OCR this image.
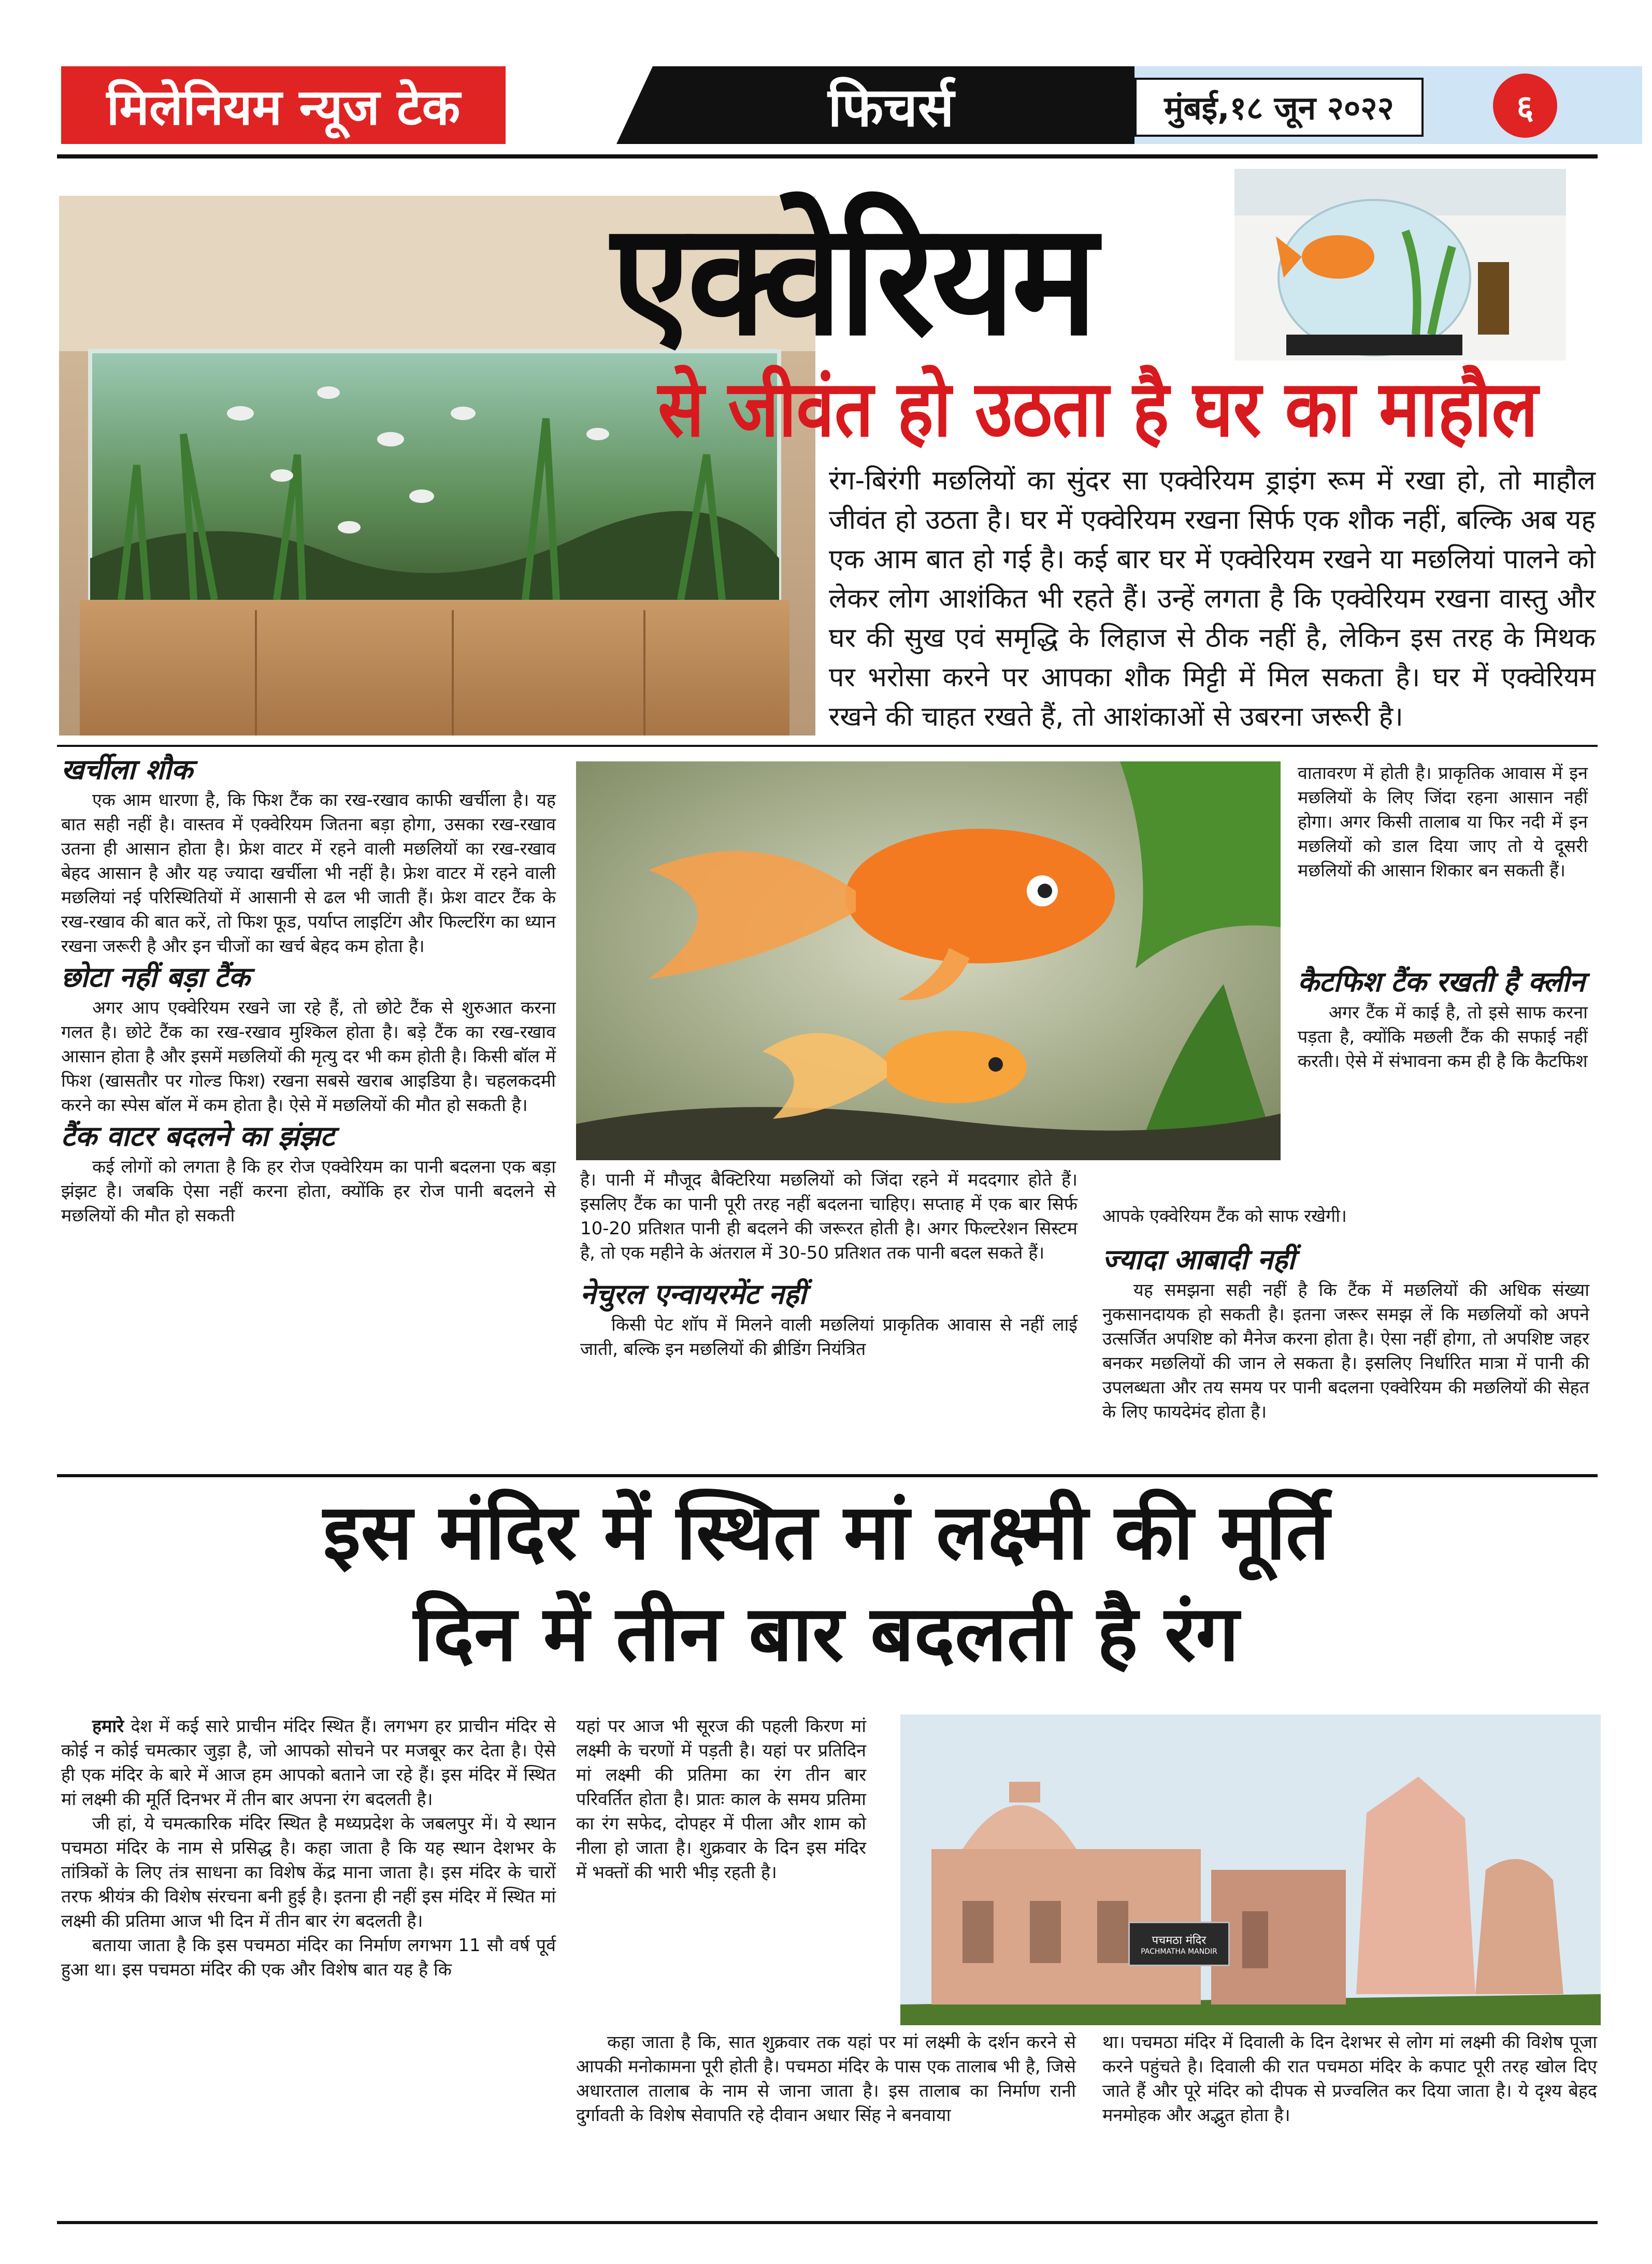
मिलेनियम न्यूज टेक	फिचर्स	मुंबई,१८ जून २०२२	६
एक्वेरियम
से जीवंत हो उठता है घर का माहौल
रंग-बिरंगी मछलियों का सुंदर सा एक्वेरियम ड्राइंग रूम में रखा हो, तो माहौल जीवंत हो उठता है। घर में एक्वेरियम रखना सिर्फ एक शौक नहीं, बल्कि अब यह एक आम बात हो गई है। कई बार घर में एक्वेरियम रखने या मछलियां पालने को लेकर लोग आशंकित भी रहते हैं। उन्हें लगता है कि एक्वेरियम रखना वास्तु और घर की सुख एवं समृद्धि के लिहाज से ठीक नहीं है, लेकिन इस तरह के मिथक पर भरोसा करने पर आपका शौक मिट्टी में मिल सकता है। घर में एक्वेरियम रखने की चाहत रखते हैं, तो आशंकाओं से उबरना जरूरी है।
खर्चीला शौक

एक आम धारणा है, कि फिश टैंक का रख-रखाव काफी खर्चीला है। यह बात सही नहीं है। वास्तव में एक्वेरियम जितना बड़ा होगा, उसका रख-रखाव उतना ही आसान होता है। फ्रेश वाटर में रहने वाली मछलियों का रख-रखाव बेहद आसान है और यह ज्यादा खर्चीला भी नहीं है। फ्रेश वाटर में रहने वाली मछलियां नई परिस्थितियों में आसानी से ढल भी जाती हैं। फ्रेश वाटर टैंक के रख-रखाव की बात करें, तो फिश फूड, पर्याप्त लाइटिंग और फिल्टरिंग का ध्यान रखना जरूरी है और इन चीजों का खर्च बेहद कम होता है।

छोटा नहीं बड़ा टैंक

अगर आप एक्वेरियम रखने जा रहे हैं, तो छोटे टैंक से शुरुआत करना गलत है। छोटे टैंक का रख-रखाव मुश्किल होता है। बड़े टैंक का रख-रखाव आसान होता है और इसमें मछलियों की मृत्यु दर भी कम होती है। किसी बॉल में फिश (खासतौर पर गोल्ड फिश) रखना सबसे खराब आइडिया है। चहलकदमी करने का स्पेस बॉल में कम होता है। ऐसे में मछलियों की मौत हो सकती है।

टैंक वाटर बदलने का झंझट

कई लोगों को लगता है कि हर रोज एक्वेरियम का पानी बदलना एक बड़ा झंझट है। जबकि ऐसा नहीं करना होता, क्योंकि हर रोज पानी बदलने से मछलियों की मौत हो सकती

है। पानी में मौजूद बैक्टिरिया मछलियों को जिंदा रहने में मददगार होते हैं। इसलिए टैंक का पानी पूरी तरह नहीं बदलना चाहिए। सप्ताह में एक बार सिर्फ 10-20 प्रतिशत पानी ही बदलने की जरूरत होती है। अगर फिल्टरेशन सिस्टम है, तो एक महीने के अंतराल में 30-50 प्रतिशत तक पानी बदल सकते हैं।

नेचुरल एन्वायरमेंट नहीं

किसी पेट शॉप में मिलने वाली मछलियां प्राकृतिक आवास से नहीं लाई जाती, बल्कि इन मछलियों की ब्रीडिंग नियंत्रित

वातावरण में होती है। प्राकृतिक आवास में इन मछलियों के लिए जिंदा रहना आसान नहीं होगा। अगर किसी तालाब या फिर नदी में इन मछलियों को डाल दिया जाए तो ये दूसरी मछलियों की आसान शिकार बन सकती हैं।

कैटफिश टैंक रखती है क्लीन

अगर टैंक में काई है, तो इसे साफ करना पड़ता है, क्योंकि मछली टैंक की सफाई नहीं करती। ऐसे में संभावना कम ही है कि कैटफिश

आपके एक्वेरियम टैंक को साफ रखेगी।

ज्यादा आबादी नहीं

यह समझना सही नहीं है कि टैंक में मछलियों की अधिक संख्या नुकसानदायक हो सकती है। इतना जरूर समझ लें कि मछलियों को अपने उत्सर्जित अपशिष्ट को मैनेज करना होता है। ऐसा नहीं होगा, तो अपशिष्ट जहर बनकर मछलियों की जान ले सकता है। इसलिए निर्धारित मात्रा में पानी की उपलब्धता और तय समय पर पानी बदलना एक्वेरियम की मछलियों की सेहत के लिए फायदेमंद होता है।

इस मंदिर में स्थित मां लक्ष्मी की मूर्ति
दिन में तीन बार बदलती है रंग

हमारे देश में कई सारे प्राचीन मंदिर स्थित हैं। लगभग हर प्राचीन मंदिर से कोई न कोई चमत्कार जुड़ा है, जो आपको सोचने पर मजबूर कर देता है। ऐसे ही एक मंदिर के बारे में आज हम आपको बताने जा रहे हैं। इस मंदिर में स्थित मां लक्ष्मी की मूर्ति दिनभर में तीन बार अपना रंग बदलती है।

जी हां, ये चमत्कारिक मंदिर स्थित है मध्यप्रदेश के जबलपुर में। ये स्थान पचमठा मंदिर के नाम से प्रसिद्ध है। कहा जाता है कि यह स्थान देशभर के तांत्रिकों के लिए तंत्र साधना का विशेष केंद्र माना जाता है। इस मंदिर के चारों तरफ श्रीयंत्र की विशेष संरचना बनी हुई है। इतना ही नहीं इस मंदिर में स्थित मां लक्ष्मी की प्रतिमा आज भी दिन में तीन बार रंग बदलती है।

बताया जाता है कि इस पचमठा मंदिर का निर्माण लगभग 11 सौ वर्ष पूर्व हुआ था। इस पचमठा मंदिर की एक और विशेष बात यह है कि

यहां पर आज भी सूरज की पहली किरण मां लक्ष्मी के चरणों में पड़ती है। यहां पर प्रतिदिन मां लक्ष्मी की प्रतिमा का रंग तीन बार परिवर्तित होता है। प्रातः काल के समय प्रतिमा का रंग सफेद, दोपहर में पीला और शाम को नीला हो जाता है। शुक्रवार के दिन इस मंदिर में भक्तों की भारी भीड़ रहती है।

पचमठा मंदिर
PACHMATHA MANDIR

कहा जाता है कि, सात शुक्रवार तक यहां पर मां लक्ष्मी के दर्शन करने से आपकी मनोकामना पूरी होती है। पचमठा मंदिर के पास एक तालाब भी है, जिसे अधारताल तालाब के नाम से जाना जाता है। इस तालाब का निर्माण रानी दुर्गावती के विशेष सेवापति रहे दीवान अधार सिंह ने बनवाया

था। पचमठा मंदिर में दिवाली के दिन देशभर से लोग मां लक्ष्मी की विशेष पूजा करने पहुंचते है। दिवाली की रात पचमठा मंदिर के कपाट पूरी तरह खोल दिए जाते हैं और पूरे मंदिर को दीपक से प्रज्वलित कर दिया जाता है। ये दृश्य बेहद मनमोहक और अद्भुत होता है।
